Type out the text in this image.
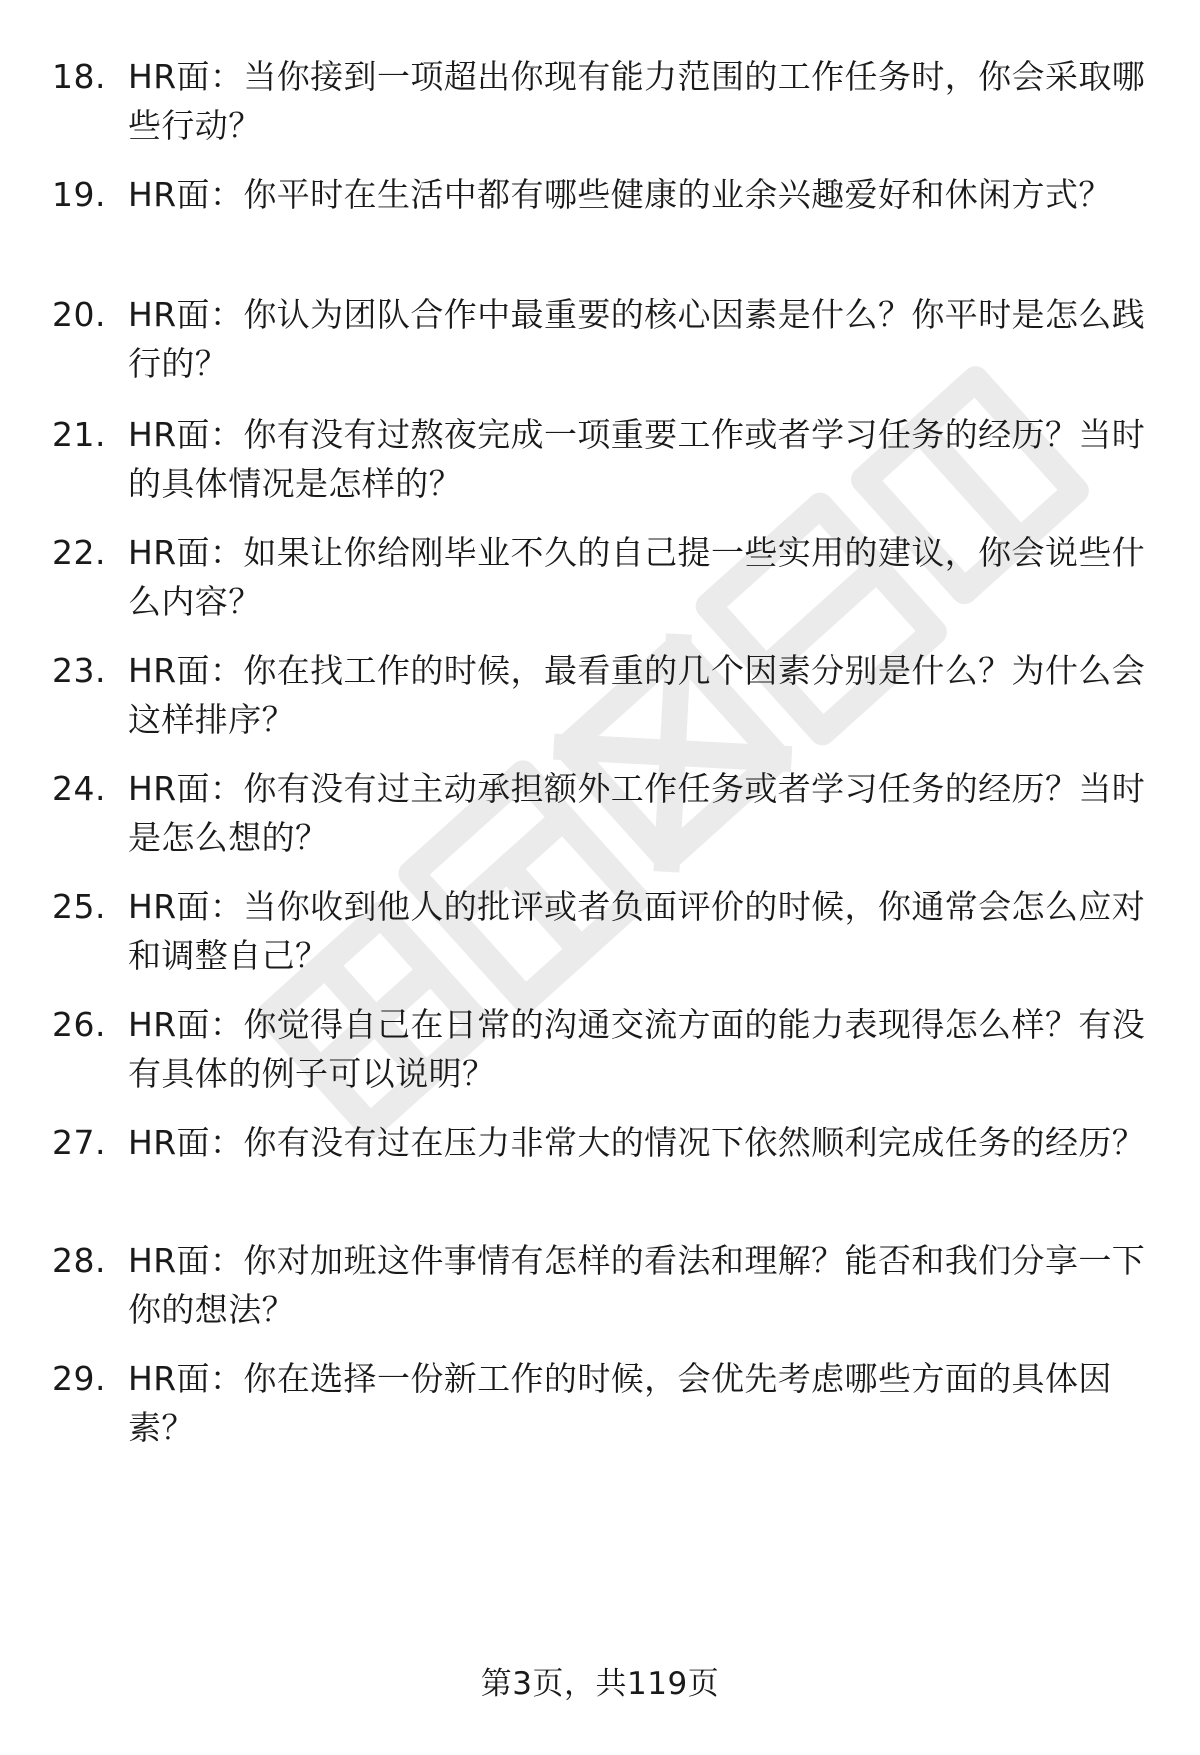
18. HR面：当你接到一项超出你现有能力范围的工作任务时，你会采取哪些行动？
19. HR面：你平时在生活中都有哪些健康的业余兴趣爱好和休闲方式？
20. HR面：你认为团队合作中最重要的核心因素是什么？你平时是怎么践行的？
21. HR面：你有没有过熬夜完成一项重要工作或者学习任务的经历？当时的具体情况是怎样的？
22. HR面：如果让你给刚毕业不久的自己提一些实用的建议，你会说些什么内容？
23. HR面：你在找工作的时候，最看重的几个因素分别是什么？为什么会这样排序？
24. HR面：你有没有过主动承担额外工作任务或者学习任务的经历？当时是怎么想的？
25. HR面：当你收到他人的批评或者负面评价的时候，你通常会怎么应对和调整自己？
26. HR面：你觉得自己在日常的沟通交流方面的能力表现得怎么样？有没有具体的例子可以说明？
27. HR面：你有没有过在压力非常大的情况下依然顺利完成任务的经历？
28. HR面：你对加班这件事情有怎样的看法和理解？能否和我们分享一下你的想法？
29. HR面：你在选择一份新工作的时候，会优先考虑哪些方面的具体因素？
第3页，共119页
